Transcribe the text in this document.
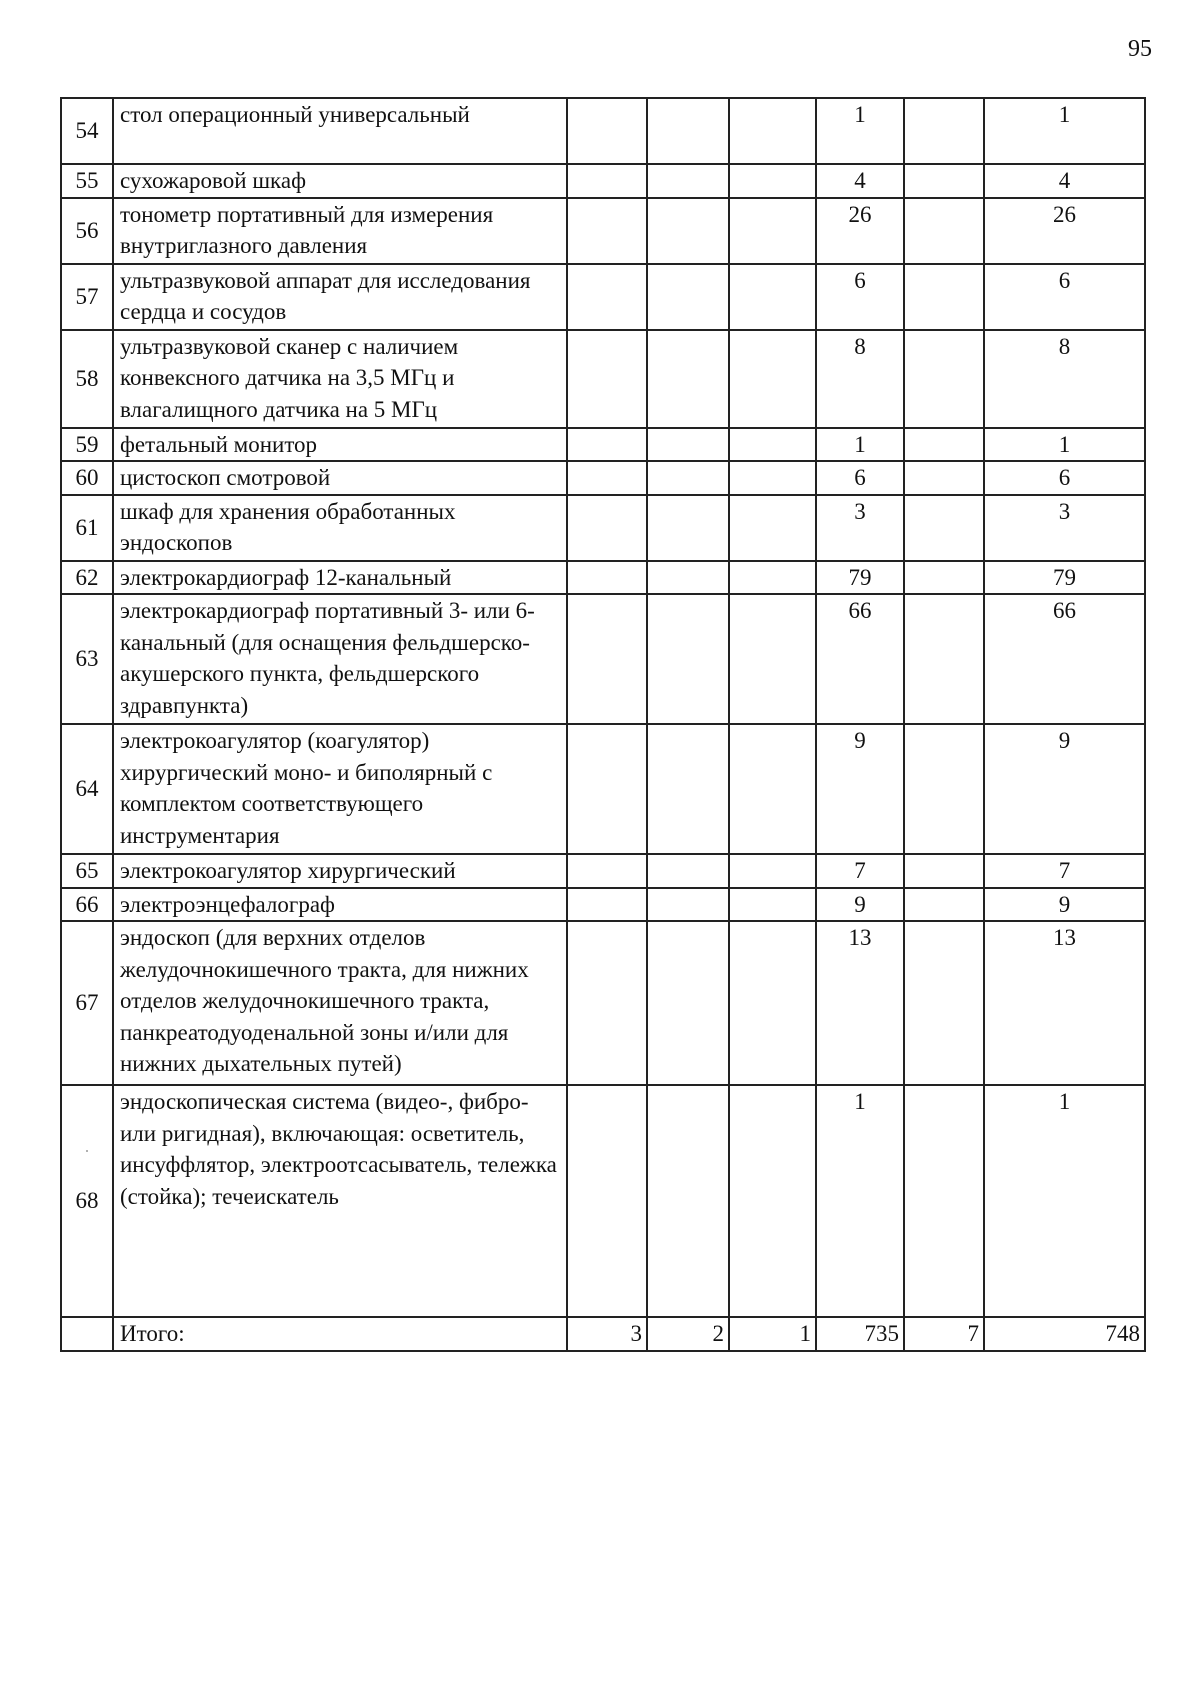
95
54	стол операционный универсальный				1		1
55	сухожаровой шкаф				4		4
56	тонометр портативный для измерения внутриглазного давления				26		26
57	ультразвуковой аппарат для исследования сердца и сосудов				6		6
58	ультразвуковой сканер с наличием конвексного датчика на 3,5 МГц и влагалищного датчика на 5 МГц				8		8
59	фетальный монитор				1		1
60	цистоскоп смотровой				6		6
61	шкаф для хранения обработанных эндоскопов				3		3
62	электрокардиограф 12-канальный				79		79
63	электрокардиограф портативный 3- или 6-канальный (для оснащения фельдшерско-акушерского пункта, фельдшерского здравпункта)				66		66
64	электрокоагулятор (коагулятор) хирургический моно- и биполярный с комплектом соответствующего инструментария				9		9
65	электрокоагулятор хирургический				7		7
66	электроэнцефалограф				9		9
67	эндоскоп (для верхних отделов желудочнокишечного тракта, для нижних отделов желудочнокишечного тракта, панкреатодуоденальной зоны и/или для нижних дыхательных путей)				13		13
68	эндоскопическая система (видео-, фибро- или ригидная), включающая: осветитель, инсуффлятор, электроотсасыватель, тележка (стойка); течеискатель				1		1
	Итого:	3	2	1	735	7	748
